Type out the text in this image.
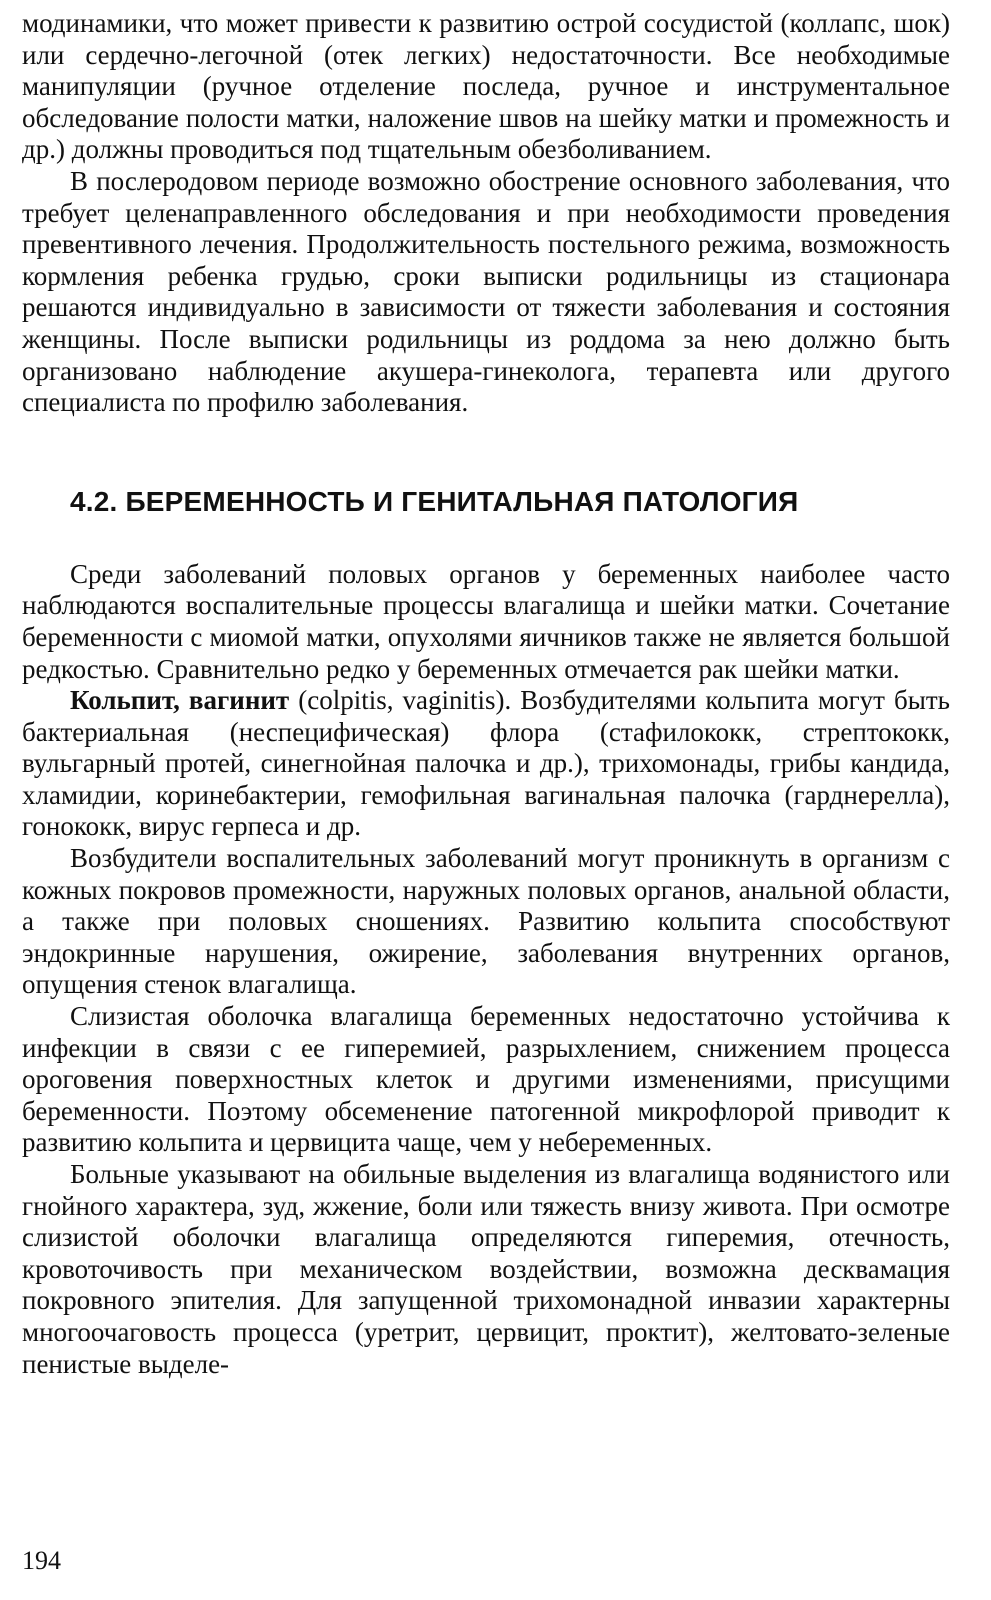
модинамики, что может привести к развитию острой сосудистой (коллапс, шок) или сердечно-легочной (отек легких) недостаточности. Все необходимые манипуляции (ручное отделение последа, ручное и инструментальное обследование полости матки, наложение швов на шейку матки и промежность и др.) должны проводиться под тщательным обезболиванием.

В послеродовом периоде возможно обострение основного заболевания, что требует целенаправленного обследования и при необходимости проведения превентивного лечения. Продолжительность постельного режима, возможность кормления ребенка грудью, сроки выписки родильницы из стационара решаются индивидуально в зависимости от тяжести заболевания и состояния женщины. После выписки родильницы из роддома за нею должно быть организовано наблюдение акушера-гинеколога, терапевта или другого специалиста по профилю заболевания.

4.2. БЕРЕМЕННОСТЬ И ГЕНИТАЛЬНАЯ ПАТОЛОГИЯ

Среди заболеваний половых органов у беременных наиболее часто наблюдаются воспалительные процессы влагалища и шейки матки. Сочетание беременности с миомой матки, опухолями яичников также не является большой редкостью. Сравнительно редко у беременных отмечается рак шейки матки.

Кольпит, вагинит (colpitis, vaginitis). Возбудителями кольпита могут быть бактериальная (неспецифическая) флора (стафилококк, стрептококк, вульгарный протей, синегнойная палочка и др.), трихомонады, грибы кандида, хламидии, коринебактерии, гемофильная вагинальная палочка (гарднерелла), гонококк, вирус герпеса и др.

Возбудители воспалительных заболеваний могут проникнуть в организм с кожных покровов промежности, наружных половых органов, анальной области, а также при половых сношениях. Развитию кольпита способствуют эндокринные нарушения, ожирение, заболевания внутренних органов, опущения стенок влагалища.

Слизистая оболочка влагалища беременных недостаточно устойчива к инфекции в связи с ее гиперемией, разрыхлением, снижением процесса ороговения поверхностных клеток и другими изменениями, присущими беременности. Поэтому обсеменение патогенной микрофлорой приводит к развитию кольпита и цервицита чаще, чем у небеременных.

Больные указывают на обильные выделения из влагалища водянистого или гнойного характера, зуд, жжение, боли или тяжесть внизу живота. При осмотре слизистой оболочки влагалища определяются гиперемия, отечность, кровоточивость при механическом воздействии, возможна десквамация покровного эпителия. Для запущенной трихомонадной инвазии характерны многоочаговость процесса (уретрит, цервицит, проктит), желтовато-зеленые пенистые выделе-

194
